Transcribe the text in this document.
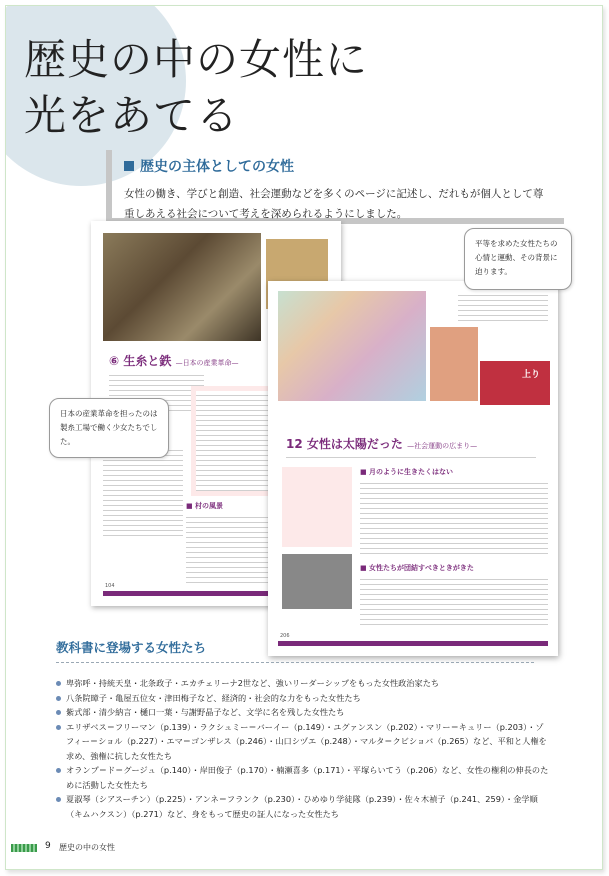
歴史の中の女性に
光をあてる
歴史の主体としての女性

女性の働き、学びと創造、社会運動などを多くのページに記述し、だれもが個人として尊重しあえる社会について考えを深められるようにしました。

⑥ 生糸と鉄 —日本の産業革命—
■ 村の風景
104
上り
12 女性は太陽だった —社会運動の広まり—
■ 月のように生きたくはない
■ 女性たちが団結すべきときがきた
206
日本の産業革命を担ったのは製糸工場で働く少女たちでした。
平等を求めた女性たちの心情と運動、その背景に迫ります。
教科書に登場する女性たち
卑弥呼・持統天皇・北条政子・エカチェリーナ2世など、強いリーダーシップをもった女性政治家たち
八条院暲子・亀屋五位女・津田梅子など、経済的・社会的な力をもった女性たち
紫式部・清少納言・樋口一葉・与謝野晶子など、文学に名を残した女性たち
エリザベス＝フリーマン（p.139）・ラクシュミー＝バーイー（p.149）・ユグァンスン（p.202）・マリー＝キュリー（p.203）・ゾフィー＝ショル（p.227）・エマ＝ゴンザレス（p.246）・山口シヅエ（p.248）・マルタ＝クビショバ（p.265）など、平和と人権を求め、強権に抗した女性たち
オランプ＝ド＝グージュ（p.140）・岸田俊子（p.170）・楠瀬喜多（p.171）・平塚らいてう（p.206）など、女性の権利の伸長のために活動した女性たち
夏淑琴（シアスーチン）（p.225）・アンネ＝フランク（p.230）・ひめゆり学徒隊（p.239）・佐々木禎子（p.241、259）・金学順（キムハクスン）（p.271）など、身をもって歴史の証人になった女性たち
9 歴史の中の女性
